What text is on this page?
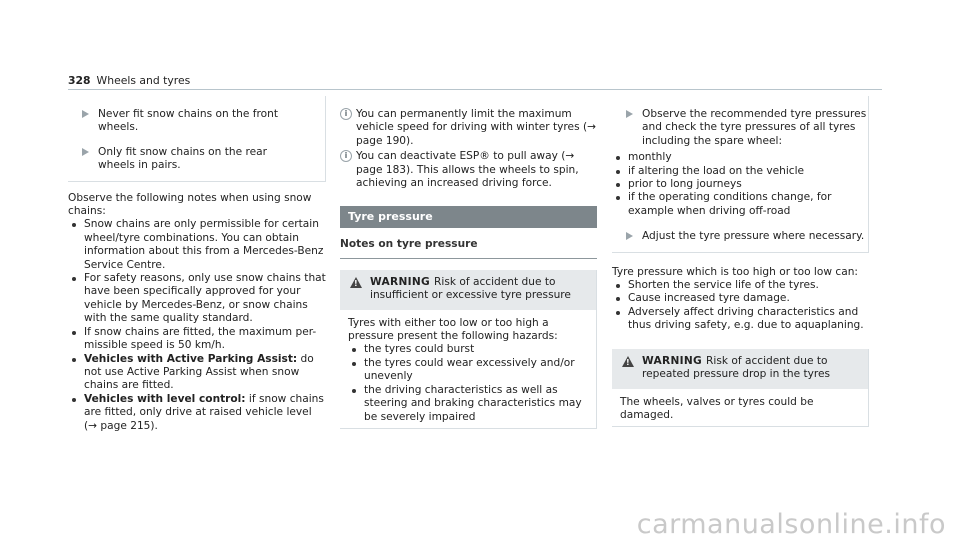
328 Wheels and tyres
Never fit snow chains on the front wheels.
Only fit snow chains on the rear wheels in pairs.
Observe the following notes when using snow chains:
Snow chains are only permissible for certain wheel/tyre combinations. You can obtain information about this from a Mercedes-Benz Service Centre.
For safety reasons, only use snow chains that have been specifically approved for your vehicle by Mercedes-Benz, or snow chains with the same quality standard.
If snow chains are fitted, the maximum per-missible speed is 50 km/h.
Vehicles with Active Parking Assist: do not use Active Parking Assist when snow chains are fitted.
Vehicles with level control: if snow chains are fitted, only drive at raised vehicle level (→ page 215).
i You can permanently limit the maximum vehicle speed for driving with winter tyres (→ page 190).
i You can deactivate ESP® to pull away (→ page 183). This allows the wheels to spin, achieving an increased driving force.
Tyre pressure
Notes on tyre pressure
!
WARNING Risk of accident due to insufficient or excessive tyre pressure
Tyres with either too low or too high a pressure present the following hazards:
the tyres could burst
the tyres could wear excessively and/or unevenly
the driving characteristics as well as steering and braking characteristics may be severely impaired
Observe the recommended tyre pressures and check the tyre pressures of all tyres including the spare wheel:
monthly
if altering the load on the vehicle
prior to long journeys
if the operating conditions change, for example when driving off-road
Adjust the tyre pressure where necessary.
Tyre pressure which is too high or too low can:
Shorten the service life of the tyres.
Cause increased tyre damage.
Adversely affect driving characteristics and thus driving safety, e.g. due to aquaplaning.
!
WARNING Risk of accident due to repeated pressure drop in the tyres
The wheels, valves or tyres could be damaged.
carmanualsonline.info
